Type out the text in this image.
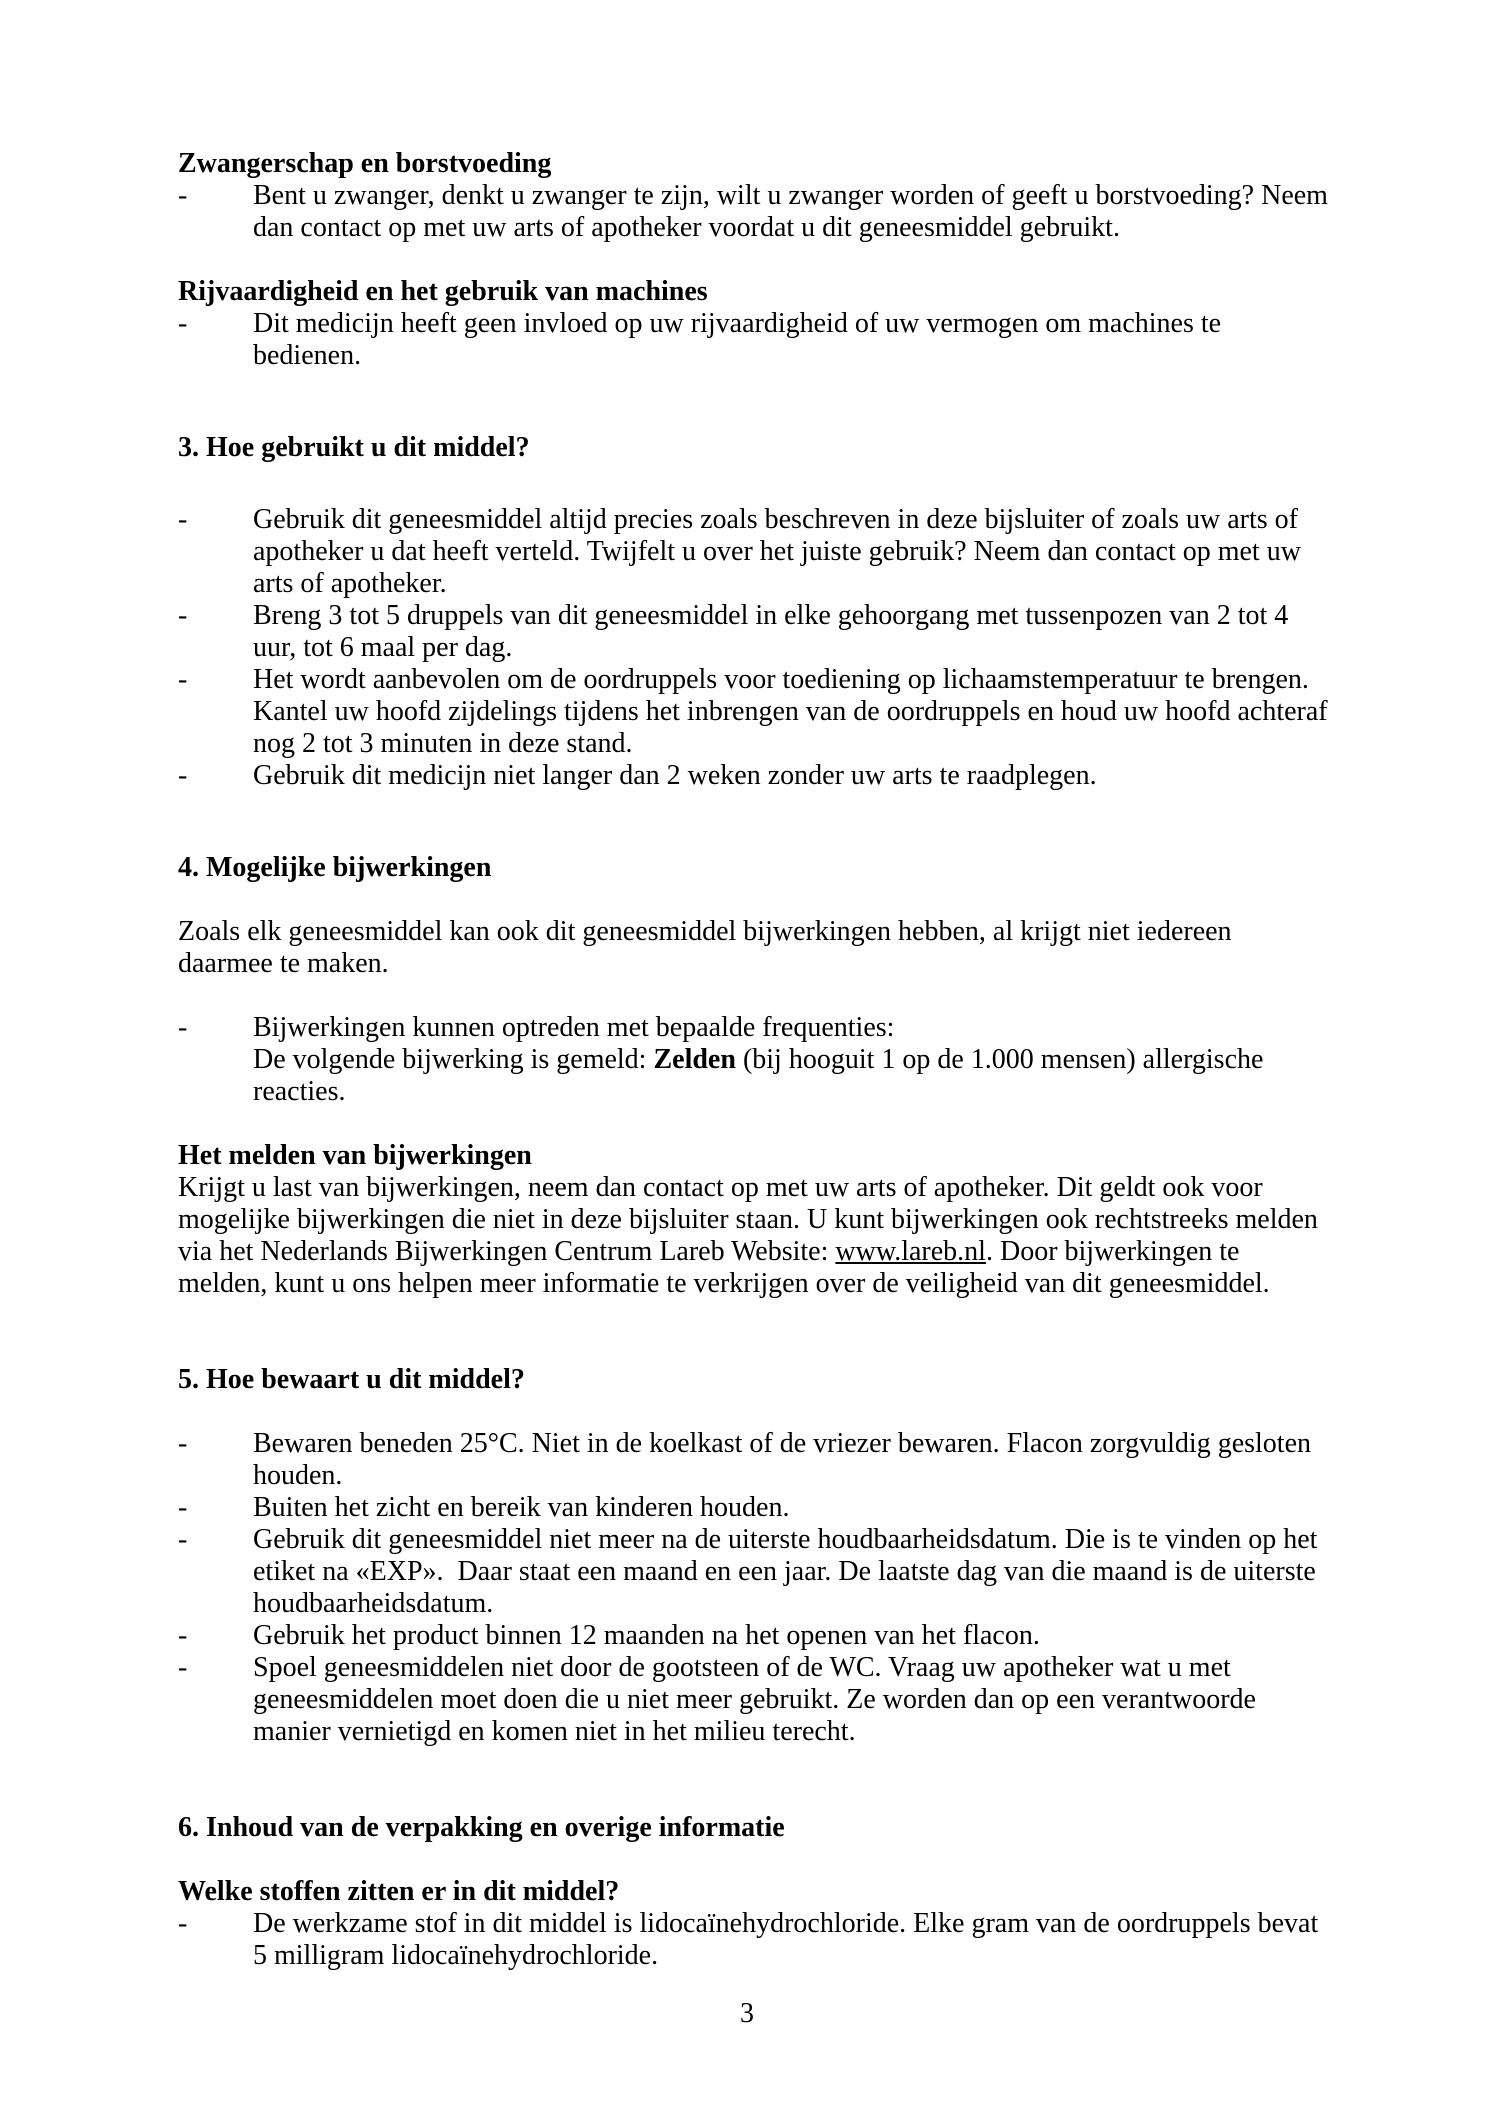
Zwangerschap en borstvoeding
-	Bent u zwanger, denkt u zwanger te zijn, wilt u zwanger worden of geeft u borstvoeding? Neem
dan contact op met uw arts of apotheker voordat u dit geneesmiddel gebruikt.
Rijvaardigheid en het gebruik van machines
-	Dit medicijn heeft geen invloed op uw rijvaardigheid of uw vermogen om machines te
bedienen.
3. Hoe gebruikt u dit middel?
-	Gebruik dit geneesmiddel altijd precies zoals beschreven in deze bijsluiter of zoals uw arts of
apotheker u dat heeft verteld. Twijfelt u over het juiste gebruik? Neem dan contact op met uw
arts of apotheker.
-	Breng 3 tot 5 druppels van dit geneesmiddel in elke gehoorgang met tussenpozen van 2 tot 4
uur, tot 6 maal per dag.
-	Het wordt aanbevolen om de oordruppels voor toediening op lichaamstemperatuur te brengen.
Kantel uw hoofd zijdelings tijdens het inbrengen van de oordruppels en houd uw hoofd achteraf
nog 2 tot 3 minuten in deze stand.
-	Gebruik dit medicijn niet langer dan 2 weken zonder uw arts te raadplegen.
4. Mogelijke bijwerkingen
Zoals elk geneesmiddel kan ook dit geneesmiddel bijwerkingen hebben, al krijgt niet iedereen
daarmee te maken.
-	Bijwerkingen kunnen optreden met bepaalde frequenties:
De volgende bijwerking is gemeld: Zelden (bij hooguit 1 op de 1.000 mensen) allergische
reacties.
Het melden van bijwerkingen
Krijgt u last van bijwerkingen, neem dan contact op met uw arts of apotheker. Dit geldt ook voor
mogelijke bijwerkingen die niet in deze bijsluiter staan. U kunt bijwerkingen ook rechtstreeks melden
via het Nederlands Bijwerkingen Centrum Lareb Website: www.lareb.nl. Door bijwerkingen te
melden, kunt u ons helpen meer informatie te verkrijgen over de veiligheid van dit geneesmiddel.
5. Hoe bewaart u dit middel?
-	Bewaren beneden 25°C. Niet in de koelkast of de vriezer bewaren. Flacon zorgvuldig gesloten
houden.
-	Buiten het zicht en bereik van kinderen houden.
-	Gebruik dit geneesmiddel niet meer na de uiterste houdbaarheidsdatum. Die is te vinden op het
etiket na «EXP».  Daar staat een maand en een jaar. De laatste dag van die maand is de uiterste
houdbaarheidsdatum.
-	Gebruik het product binnen 12 maanden na het openen van het flacon.
-	Spoel geneesmiddelen niet door de gootsteen of de WC. Vraag uw apotheker wat u met
geneesmiddelen moet doen die u niet meer gebruikt. Ze worden dan op een verantwoorde
manier vernietigd en komen niet in het milieu terecht.
6. Inhoud van de verpakking en overige informatie
Welke stoffen zitten er in dit middel?
-	De werkzame stof in dit middel is lidocaïnehydrochloride. Elke gram van de oordruppels bevat
5 milligram lidocaïnehydrochloride.
3
